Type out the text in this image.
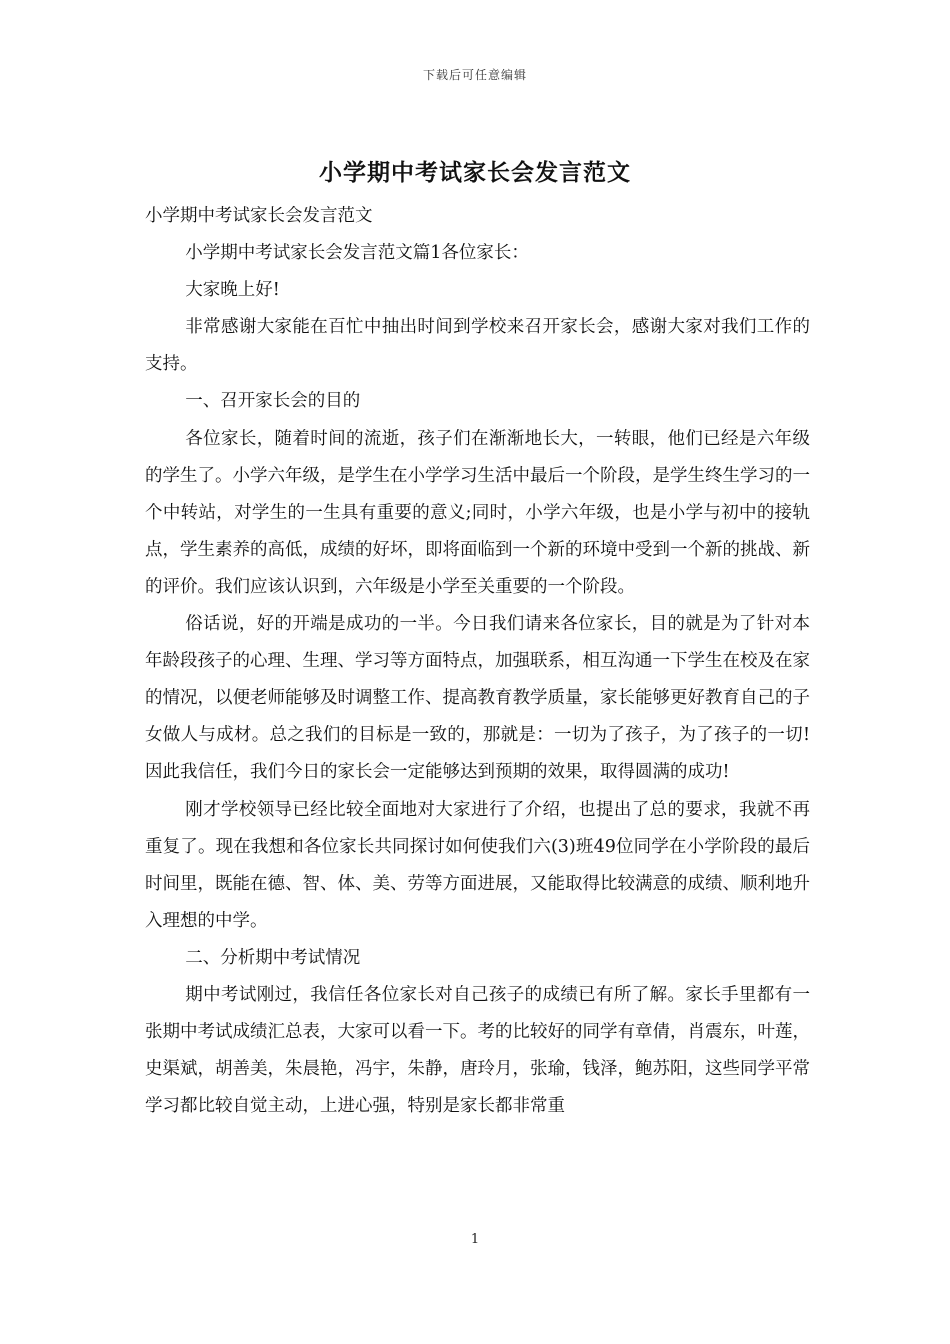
下载后可任意编辑
小学期中考试家长会发言范文

小学期中考试家长会发言范文

小学期中考试家长会发言范文篇1各位家长：

大家晚上好!

非常感谢大家能在百忙中抽出时间到学校来召开家长会，感谢大家对我们工作的支持。

一、召开家长会的目的

各位家长，随着时间的流逝，孩子们在渐渐地长大，一转眼，他们已经是六年级的学生了。小学六年级，是学生在小学学习生活中最后一个阶段，是学生终生学习的一个中转站，对学生的一生具有重要的意义;同时，小学六年级，也是小学与初中的接轨点，学生素养的高低，成绩的好坏，即将面临到一个新的环境中受到一个新的挑战、新的评价。我们应该认识到，六年级是小学至关重要的一个阶段。

俗话说，好的开端是成功的一半。今日我们请来各位家长，目的就是为了针对本年龄段孩子的心理、生理、学习等方面特点，加强联系，相互沟通一下学生在校及在家的情况，以便老师能够及时调整工作、提高教育教学质量，家长能够更好教育自己的子女做人与成材。总之我们的目标是一致的，那就是：一切为了孩子，为了孩子的一切!因此我信任，我们今日的家长会一定能够达到预期的效果，取得圆满的成功!

刚才学校领导已经比较全面地对大家进行了介绍，也提出了总的要求，我就不再重复了。现在我想和各位家长共同探讨如何使我们六(3)班49位同学在小学阶段的最后时间里，既能在德、智、体、美、劳等方面进展，又能取得比较满意的成绩、顺利地升入理想的中学。

二、分析期中考试情况

期中考试刚过，我信任各位家长对自己孩子的成绩已有所了解。家长手里都有一张期中考试成绩汇总表，大家可以看一下。考的比较好的同学有章倩，肖震东，叶莲，史渠斌，胡善美，朱晨艳，冯宇，朱静，唐玲月，张瑜，钱泽，鲍苏阳，这些同学平常学习都比较自觉主动，上进心强，特别是家长都非常重

1
